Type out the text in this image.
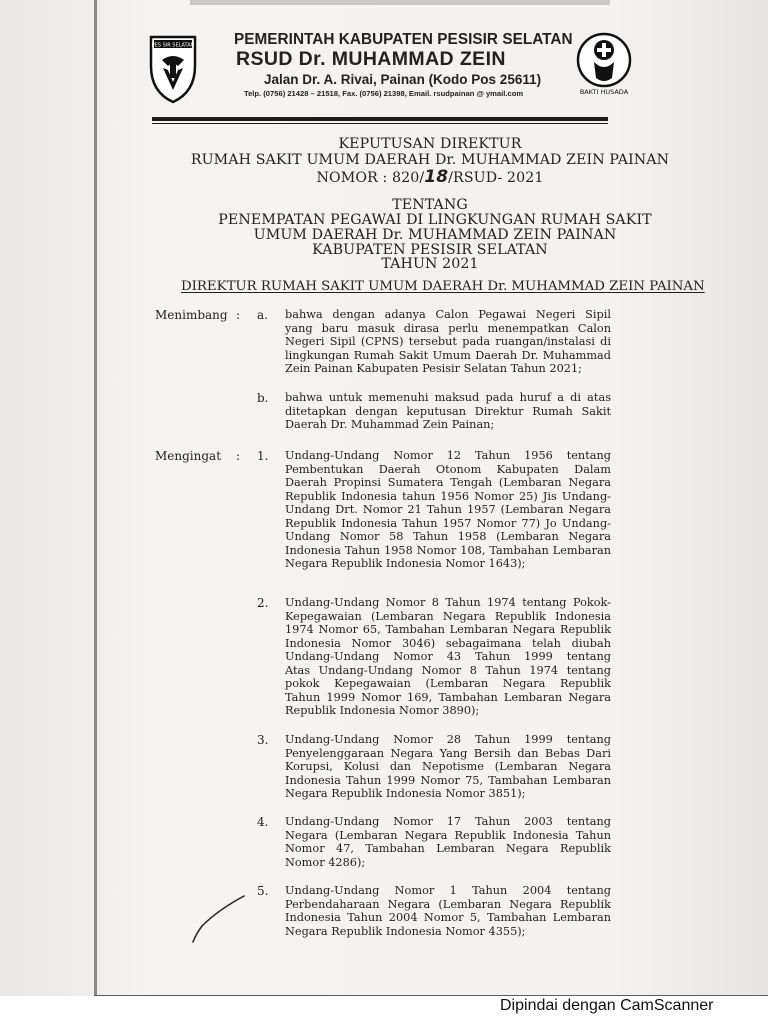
PES SIR SELATAN
BAKTI HUSADA
PEMERINTAH KABUPATEN PESISIR SELATAN
RSUD Dr. MUHAMMAD ZEIN
Jalan Dr. A. Rivai, Painan (Kodo Pos 25611)
Telp. (0756) 21428 – 21518, Fax. (0756) 21398, Email. rsudpainan @ ymail.com
KEPUTUSAN DIREKTUR
RUMAH SAKIT UMUM DAERAH Dr. MUHAMMAD ZEIN PAINAN
NOMOR : 820/18/RSUD- 2021
TENTANG
PENEMPATAN PEGAWAI DI LINGKUNGAN RUMAH SAKIT
UMUM DAERAH Dr. MUHAMMAD ZEIN PAINAN
KABUPATEN PESISIR SELATAN
TAHUN 2021
DIREKTUR RUMAH SAKIT UMUM DAERAH Dr. MUHAMMAD ZEIN PAINAN
Menimbang : a.
b.
Mengingat : 1.
2.
3.
4.
5.
bahwa dengan adanya Calon Pegawai Negeri Sipil
yang baru masuk dirasa perlu menempatkan Calon
Negeri Sipil (CPNS) tersebut pada ruangan/instalasi di
lingkungan Rumah Sakit Umum Daerah Dr. Muhammad
Zein Painan Kabupaten Pesisir Selatan Tahun 2021;
bahwa untuk memenuhi maksud pada huruf a di atas
ditetapkan dengan keputusan Direktur Rumah Sakit
Daerah Dr. Muhammad Zein Painan;
Undang-Undang Nomor 12 Tahun 1956 tentang
Pembentukan Daerah Otonom Kabupaten Dalam
Daerah Propinsi Sumatera Tengah (Lembaran Negara
Republik Indonesia tahun 1956 Nomor 25) Jis Undang-
Undang Drt. Nomor 21 Tahun 1957 (Lembaran Negara
Republik Indonesia Tahun 1957 Nomor 77) Jo Undang-
Undang Nomor 58 Tahun 1958 (Lembaran Negara
Indonesia Tahun 1958 Nomor 108, Tambahan Lembaran
Negara Republik Indonesia Nomor 1643);
Undang-Undang Nomor 8 Tahun 1974 tentang Pokok-
Kepegawaian (Lembaran Negara Republik Indonesia
1974 Nomor 65, Tambahan Lembaran Negara Republik
Indonesia Nomor 3046) sebagaimana telah diubah
Undang-Undang Nomor 43 Tahun 1999 tentang
Atas Undang-Undang Nomor 8 Tahun 1974 tentang
pokok Kepegawaian (Lembaran Negara Republik
Tahun 1999 Nomor 169, Tambahan Lembaran Negara
Republik Indonesia Nomor 3890);
Undang-Undang Nomor 28 Tahun 1999 tentang
Penyelenggaraan Negara Yang Bersih dan Bebas Dari
Korupsi, Kolusi dan Nepotisme (Lembaran Negara
Indonesia Tahun 1999 Nomor 75, Tambahan Lembaran
Negara Republik Indonesia Nomor 3851);
Undang-Undang Nomor 17 Tahun 2003 tentang
Negara (Lembaran Negara Republik Indonesia Tahun
Nomor 47, Tambahan Lembaran Negara Republik
Nomor 4286);
Undang-Undang Nomor 1 Tahun 2004 tentang
Perbendaharaan Negara (Lembaran Negara Republik
Indonesia Tahun 2004 Nomor 5, Tambahan Lembaran
Negara Republik Indonesia Nomor 4355);
Dipindai dengan CamScanner
